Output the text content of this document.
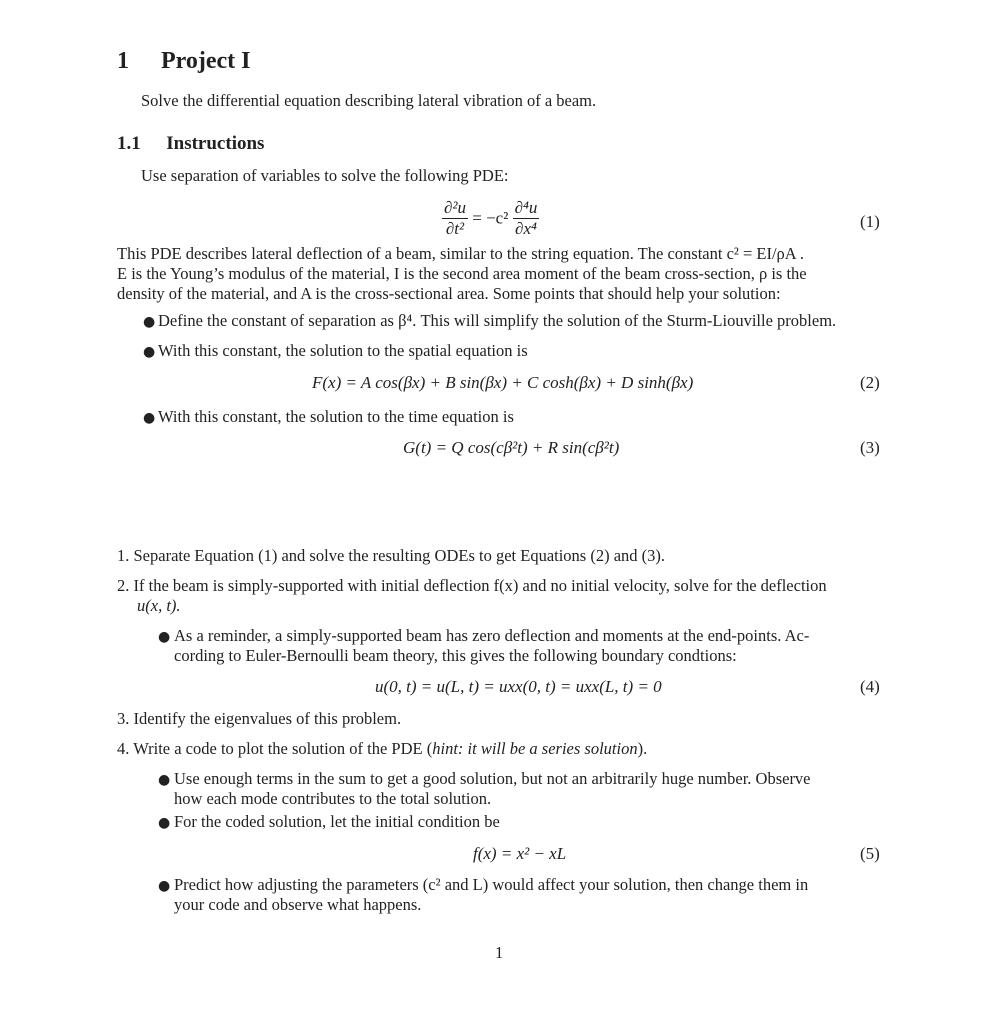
1 Project I
Solve the differential equation describing lateral vibration of a beam.
1.1 Instructions
Use separation of variables to solve the following PDE:
$\frac{\text{∂²u}}{\text{∂t²}} = -c^2 \frac{\text{∂⁴u}}{\text{∂x⁴}}$	(1)
This PDE describes lateral deflection of a beam, similar to the string equation. The constant c² = EI/ρA .
E is the Young’s modulus of the material, I is the second area moment of the beam cross-section, ρ is the
density of the material, and A is the cross-sectional area. Some points that should help your solution:
● Define the constant of separation as β⁴. This will simplify the solution of the Sturm-Liouville problem.
● With this constant, the solution to the spatial equation is
F(x) = A cos(βx) + B sin(βx) + C cosh(βx) + D sinh(βx)	(2)
● With this constant, the solution to the time equation is
G(t) = Q cos(cβ²t) + R sin(cβ²t)	(3)
1. Separate Equation (1) and solve the resulting ODEs to get Equations (2) and (3).
2. If the beam is simply-supported with initial deflection f(x) and no initial velocity, solve for the deflection
u(x, t).
● As a reminder, a simply-supported beam has zero deflection and moments at the end-points. Ac-
cording to Euler-Bernoulli beam theory, this gives the following boundary condtions:
u(0, t) = u(L, t) = uxx(0, t) = uxx(L, t) = 0	(4)
3. Identify the eigenvalues of this problem.
4. Write a code to plot the solution of the PDE (hint: it will be a series solution).
● Use enough terms in the sum to get a good solution, but not an arbitrarily huge number. Observe
how each mode contributes to the total solution.
● For the coded solution, let the initial condition be
f(x) = x² − xL	(5)
● Predict how adjusting the parameters (c² and L) would affect your solution, then change them in
your code and observe what happens.
1
